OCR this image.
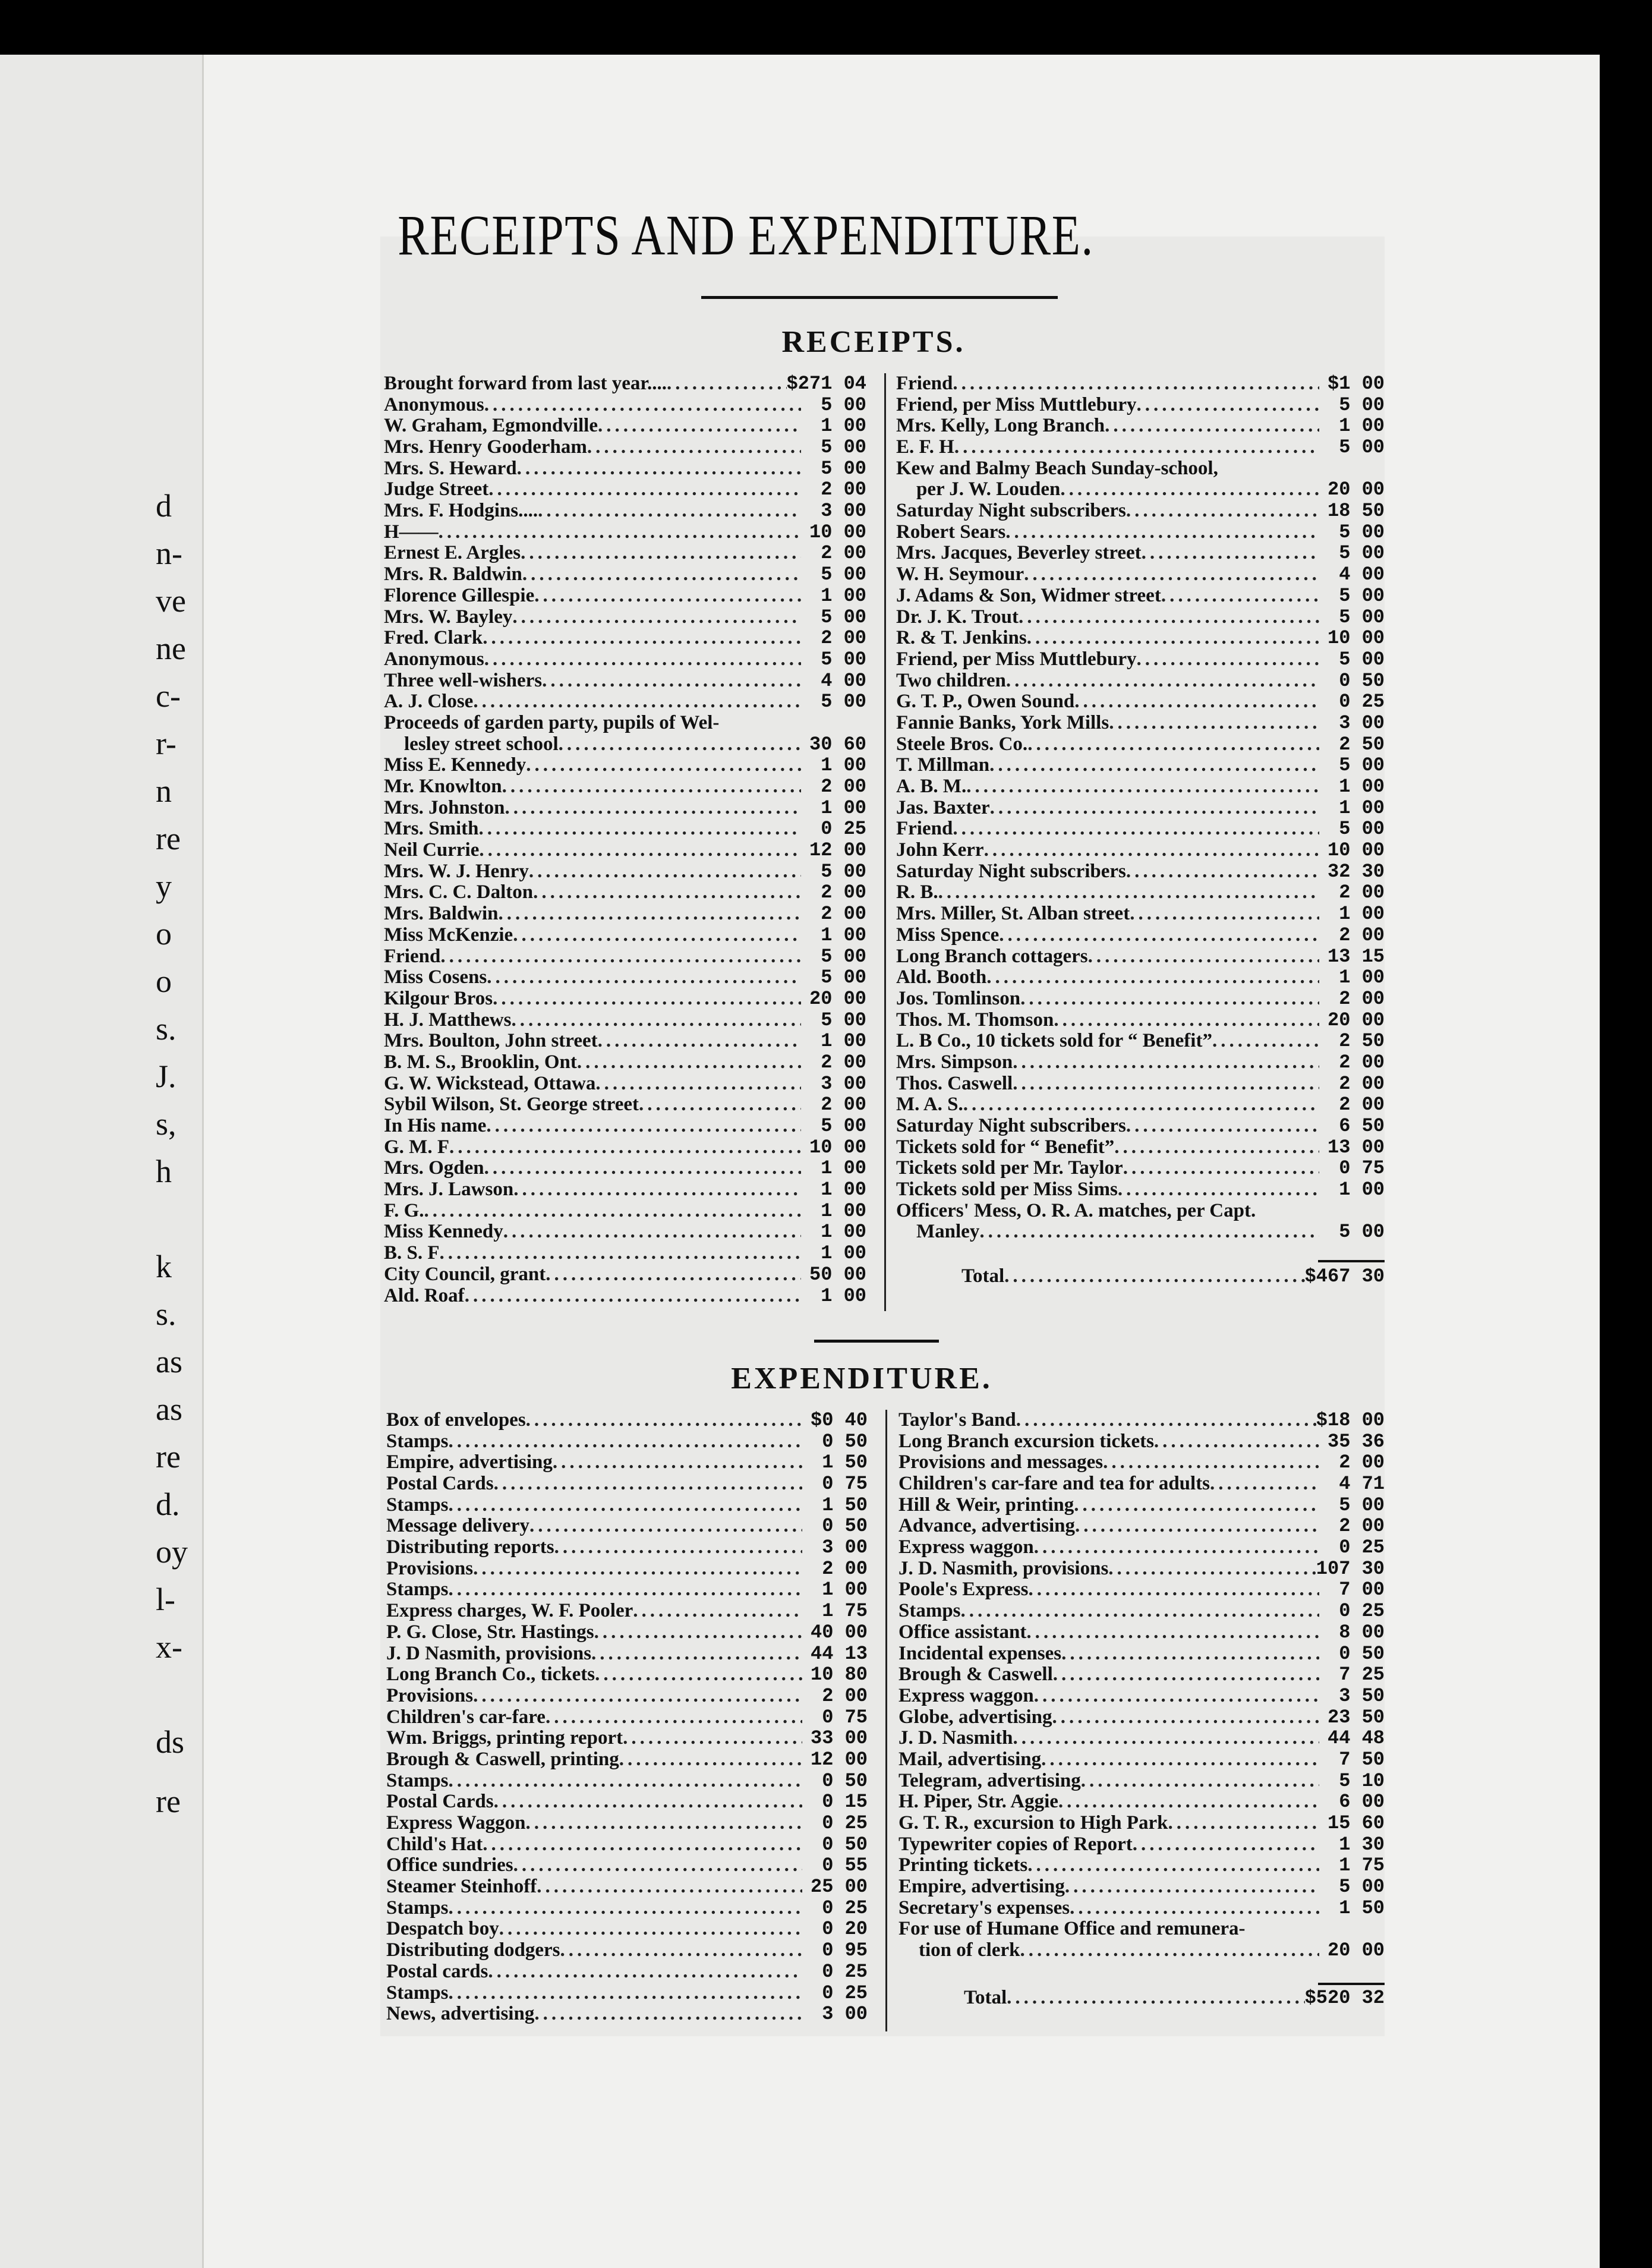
d
n-
ve
ne
c-
r-
n
re
y
o
o
s.
J.
s,
h
k
s.
as
as
re
d.
oy
l-
x-
ds
re
RECEIPTS AND EXPENDITURE.
RECEIPTS.
Brought forward from last year.... .....	$271 04
Anonymous .....	5 00
W. Graham, Egmondville .....	1 00
Mrs. Henry Gooderham .....	5 00
Mrs. S. Heward .....	5 00
Judge Street .....	2 00
Mrs. F. Hodgins.... .....	3 00
H—— .....	10 00
Ernest E. Argles .....	2 00
Mrs. R. Baldwin .....	5 00
Florence Gillespie .....	1 00
Mrs. W. Bayley .....	5 00
Fred. Clark .....	2 00
Anonymous .....	5 00
Three well-wishers .....	4 00
A. J. Close .....	5 00
Proceeds of garden party, pupils of Wel-
lesley street school .....	30 60
Miss E. Kennedy .....	1 00
Mr. Knowlton .....	2 00
Mrs. Johnston .....	1 00
Mrs. Smith .....	0 25
Neil Currie .....	12 00
Mrs. W. J. Henry .....	5 00
Mrs. C. C. Dalton .....	2 00
Mrs. Baldwin .....	2 00
Miss McKenzie .....	1 00
Friend .....	5 00
Miss Cosens .....	5 00
Kilgour Bros .....	20 00
H. J. Matthews .....	5 00
Mrs. Boulton, John street .....	1 00
B. M. S., Brooklin, Ont .....	2 00
G. W. Wickstead, Ottawa .....	3 00
Sybil Wilson, St. George street .....	2 00
In His name .....	5 00
G. M. F .....	10 00
Mrs. Ogden .....	1 00
Mrs. J. Lawson .....	1 00
F. G. .....	1 00
Miss Kennedy .....	1 00
B. S. F .....	1 00
City Council, grant .....	50 00
Ald. Roaf .....	1 00
Friend .....	$1 00
Friend, per Miss Muttlebury .....	5 00
Mrs. Kelly, Long Branch .....	1 00
E. F. H .....	5 00
Kew and Balmy Beach Sunday-school,
per J. W. Louden .....	20 00
Saturday Night subscribers .....	18 50
Robert Sears .....	5 00
Mrs. Jacques, Beverley street .....	5 00
W. H. Seymour .....	4 00
J. Adams & Son, Widmer street .....	5 00
Dr. J. K. Trout .....	5 00
R. & T. Jenkins .....	10 00
Friend, per Miss Muttlebury .....	5 00
Two children .....	0 50
G. T. P., Owen Sound .....	0 25
Fannie Banks, York Mills .....	3 00
Steele Bros. Co. .....	2 50
T. Millman .....	5 00
A. B. M. .....	1 00
Jas. Baxter .....	1 00
Friend .....	5 00
John Kerr .....	10 00
Saturday Night subscribers .....	32 30
R. B. .....	2 00
Mrs. Miller, St. Alban street .....	1 00
Miss Spence .....	2 00
Long Branch cottagers .....	13 15
Ald. Booth .....	1 00
Jos. Tomlinson .....	2 00
Thos. M. Thomson .....	20 00
L. B Co., 10 tickets sold for “ Benefit” .....	2 50
Mrs. Simpson .....	2 00
Thos. Caswell .....	2 00
M. A. S. .....	2 00
Saturday Night subscribers .....	6 50
Tickets sold for “ Benefit” .....	13 00
Tickets sold per Mr. Taylor .....	0 75
Tickets sold per Miss Sims .....	1 00
Officers' Mess, O. R. A. matches, per Capt.
Manley .....	5 00
Total .....	$467 30
EXPENDITURE.
Box of envelopes .....	$0 40
Stamps .....	0 50
Empire, advertising .....	1 50
Postal Cards .....	0 75
Stamps .....	1 50
Message delivery .....	0 50
Distributing reports .....	3 00
Provisions .....	2 00
Stamps .....	1 00
Express charges, W. F. Pooler .....	1 75
P. G. Close, Str. Hastings .....	40 00
J. D Nasmith, provisions .....	44 13
Long Branch Co., tickets .....	10 80
Provisions .....	2 00
Children's car-fare .....	0 75
Wm. Briggs, printing report .....	33 00
Brough & Caswell, printing .....	12 00
Stamps .....	0 50
Postal Cards .....	0 15
Express Waggon .....	0 25
Child's Hat .....	0 50
Office sundries .....	0 55
Steamer Steinhoff .....	25 00
Stamps .....	0 25
Despatch boy .....	0 20
Distributing dodgers .....	0 95
Postal cards .....	0 25
Stamps .....	0 25
News, advertising .....	3 00
Taylor's Band .....	$18 00
Long Branch excursion tickets .....	35 36
Provisions and messages .....	2 00
Children's car-fare and tea for adults .....	4 71
Hill & Weir, printing .....	5 00
Advance, advertising .....	2 00
Express waggon .....	0 25
J. D. Nasmith, provisions .....	107 30
Poole's Express .....	7 00
Stamps .....	0 25
Office assistant .....	8 00
Incidental expenses .....	0 50
Brough & Caswell .....	7 25
Express waggon .....	3 50
Globe, advertising .....	23 50
J. D. Nasmith .....	44 48
Mail, advertising .....	7 50
Telegram, advertising .....	5 10
H. Piper, Str. Aggie .....	6 00
G. T. R., excursion to High Park .....	15 60
Typewriter copies of Report .....	1 30
Printing tickets .....	1 75
Empire, advertising .....	5 00
Secretary's expenses .....	1 50
For use of Humane Office and remunera-
tion of clerk .....	20 00
Total .....	$520 32
